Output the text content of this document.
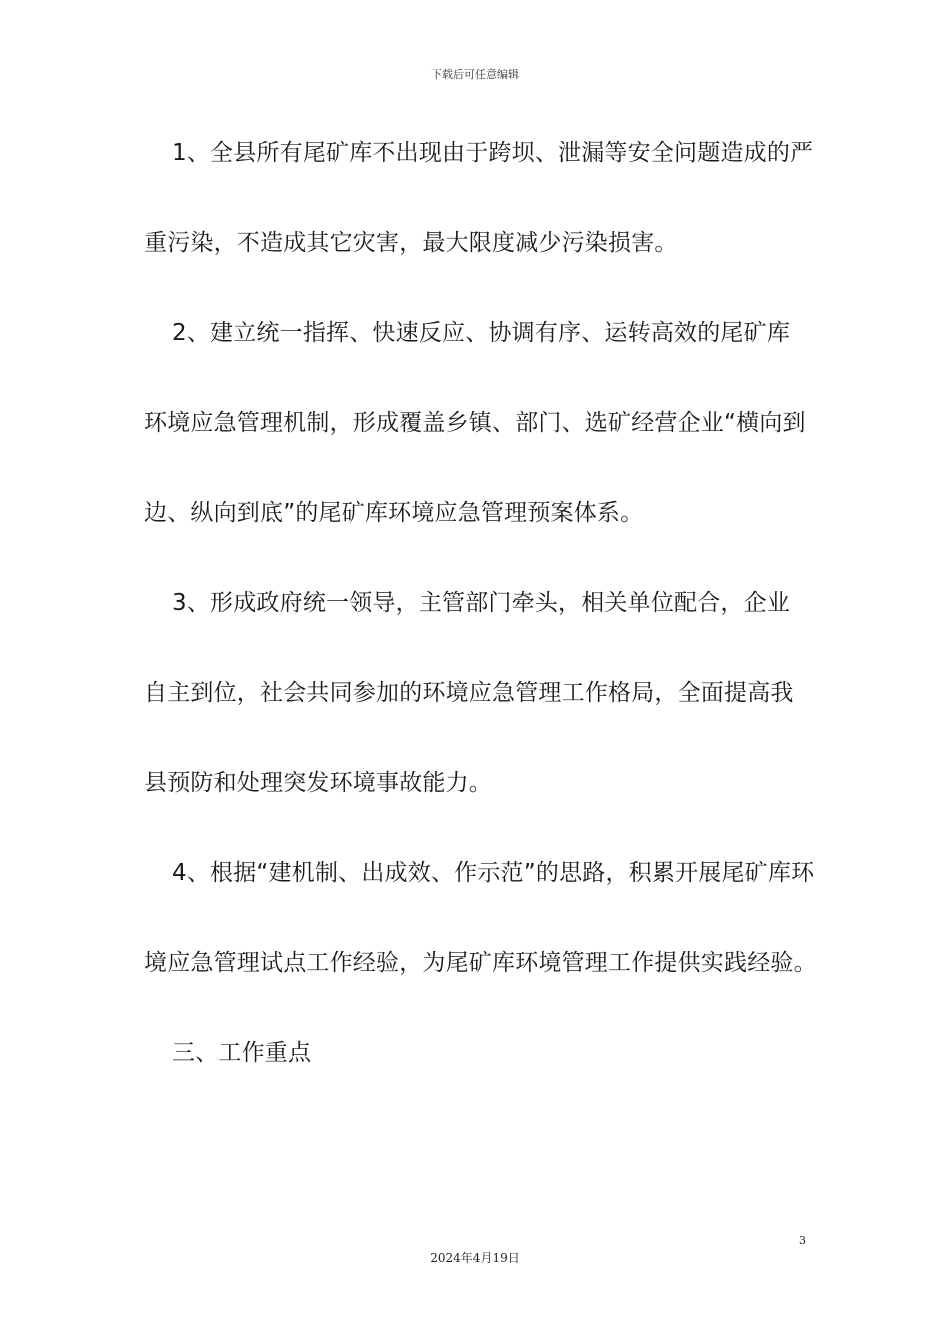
下载后可任意编辑
1、全县所有尾矿库不出现由于跨坝、泄漏等安全问题造成的严
重污染，不造成其它灾害，最大限度减少污染损害。
2、建立统一指挥、快速反应、协调有序、运转高效的尾矿库
环境应急管理机制，形成覆盖乡镇、部门、选矿经营企业“横向到
边、纵向到底”的尾矿库环境应急管理预案体系。
3、形成政府统一领导，主管部门牵头，相关单位配合，企业
自主到位，社会共同参加的环境应急管理工作格局，全面提高我
县预防和处理突发环境事故能力。
4、根据“建机制、出成效、作示范”的思路，积累开展尾矿库环
境应急管理试点工作经验，为尾矿库环境管理工作提供实践经验。
三、工作重点
3
2024年4月19日
